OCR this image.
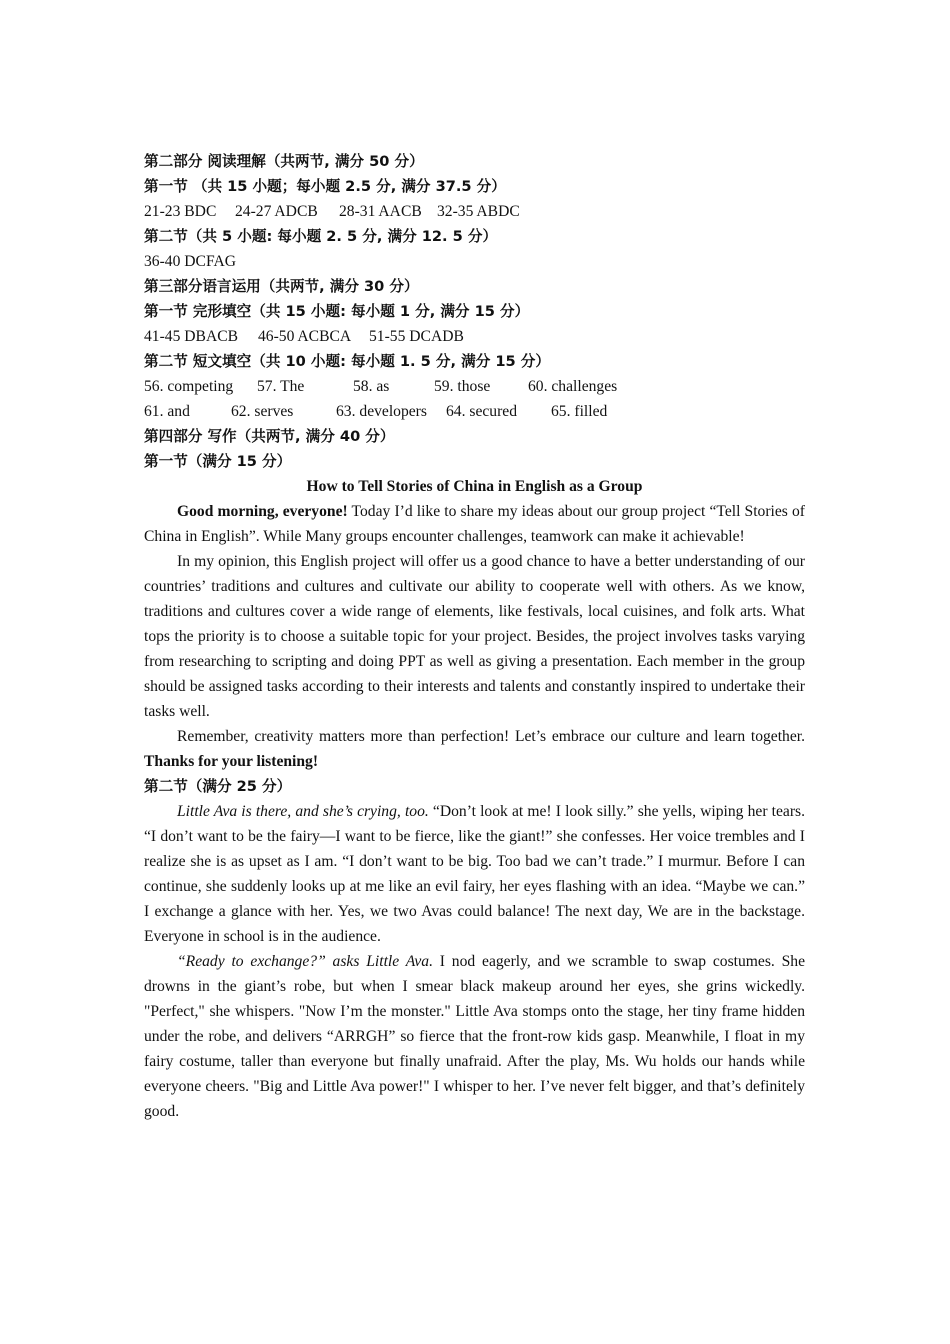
第二部分 阅读理解（共两节, 满分 50 分）

第一节 （共 15 小题；每小题 2.5 分, 满分 37.5 分）

21-23 BDC 24-27 ADCB 28-31 AACB 32-35 ABDC

第二节（共 5 小题: 每小题 2. 5 分, 满分 12. 5 分）

36-40 DCFAG

第三部分语言运用（共两节, 满分 30 分）

第一节 完形填空（共 15 小题: 每小题 1 分, 满分 15 分）

41-45 DBACB 46-50 ACBCA 51-55 DCADB

第二节 短文填空（共 10 小题: 每小题 1. 5 分, 满分 15 分）

56. competing	57. The	58. as	59. those	60. challenges
61. and	62. serves	63. developers	64. secured	65. filled

第四部分 写作（共两节, 满分 40 分）

第一节（满分 15 分）

How to Tell Stories of China in English as a Group

Good morning, everyone! Today I’d like to share my ideas about our group project “Tell Stories of China in English”. While Many groups encounter challenges, teamwork can make it achievable!

In my opinion, this English project will offer us a good chance to have a better understanding of our countries’ traditions and cultures and cultivate our ability to cooperate well with others. As we know, traditions and cultures cover a wide range of elements, like festivals, local cuisines, and folk arts. What tops the priority is to choose a suitable topic for your project. Besides, the project involves tasks varying from researching to scripting and doing PPT as well as giving a presentation. Each member in the group should be assigned tasks according to their interests and talents and constantly inspired to undertake their tasks well.

Remember, creativity matters more than perfection! Let’s embrace our culture and learn together. Thanks for your listening!

第二节（满分 25 分）

Little Ava is there, and she’s crying, too. “Don’t look at me! I look silly.” she yells, wiping her tears. “I don’t want to be the fairy—I want to be fierce, like the giant!” she confesses. Her voice trembles and I realize she is as upset as I am. “I don’t want to be big. Too bad we can’t trade.” I murmur. Before I can continue, she suddenly looks up at me like an evil fairy, her eyes flashing with an idea. “Maybe we can.” I exchange a glance with her. Yes, we two Avas could balance! The next day, We are in the backstage. Everyone in school is in the audience.

“Ready to exchange?” asks Little Ava. I nod eagerly, and we scramble to swap costumes. She drowns in the giant’s robe, but when I smear black makeup around her eyes, she grins wickedly. "Perfect," she whispers. "Now I’m the monster." Little Ava stomps onto the stage, her tiny frame hidden under the robe, and delivers “ARRGH” so fierce that the front-row kids gasp. Meanwhile, I float in my fairy costume, taller than everyone but finally unafraid. After the play, Ms. Wu holds our hands while everyone cheers. "Big and Little Ava power!" I whisper to her. I’ve never felt bigger, and that’s definitely good.
